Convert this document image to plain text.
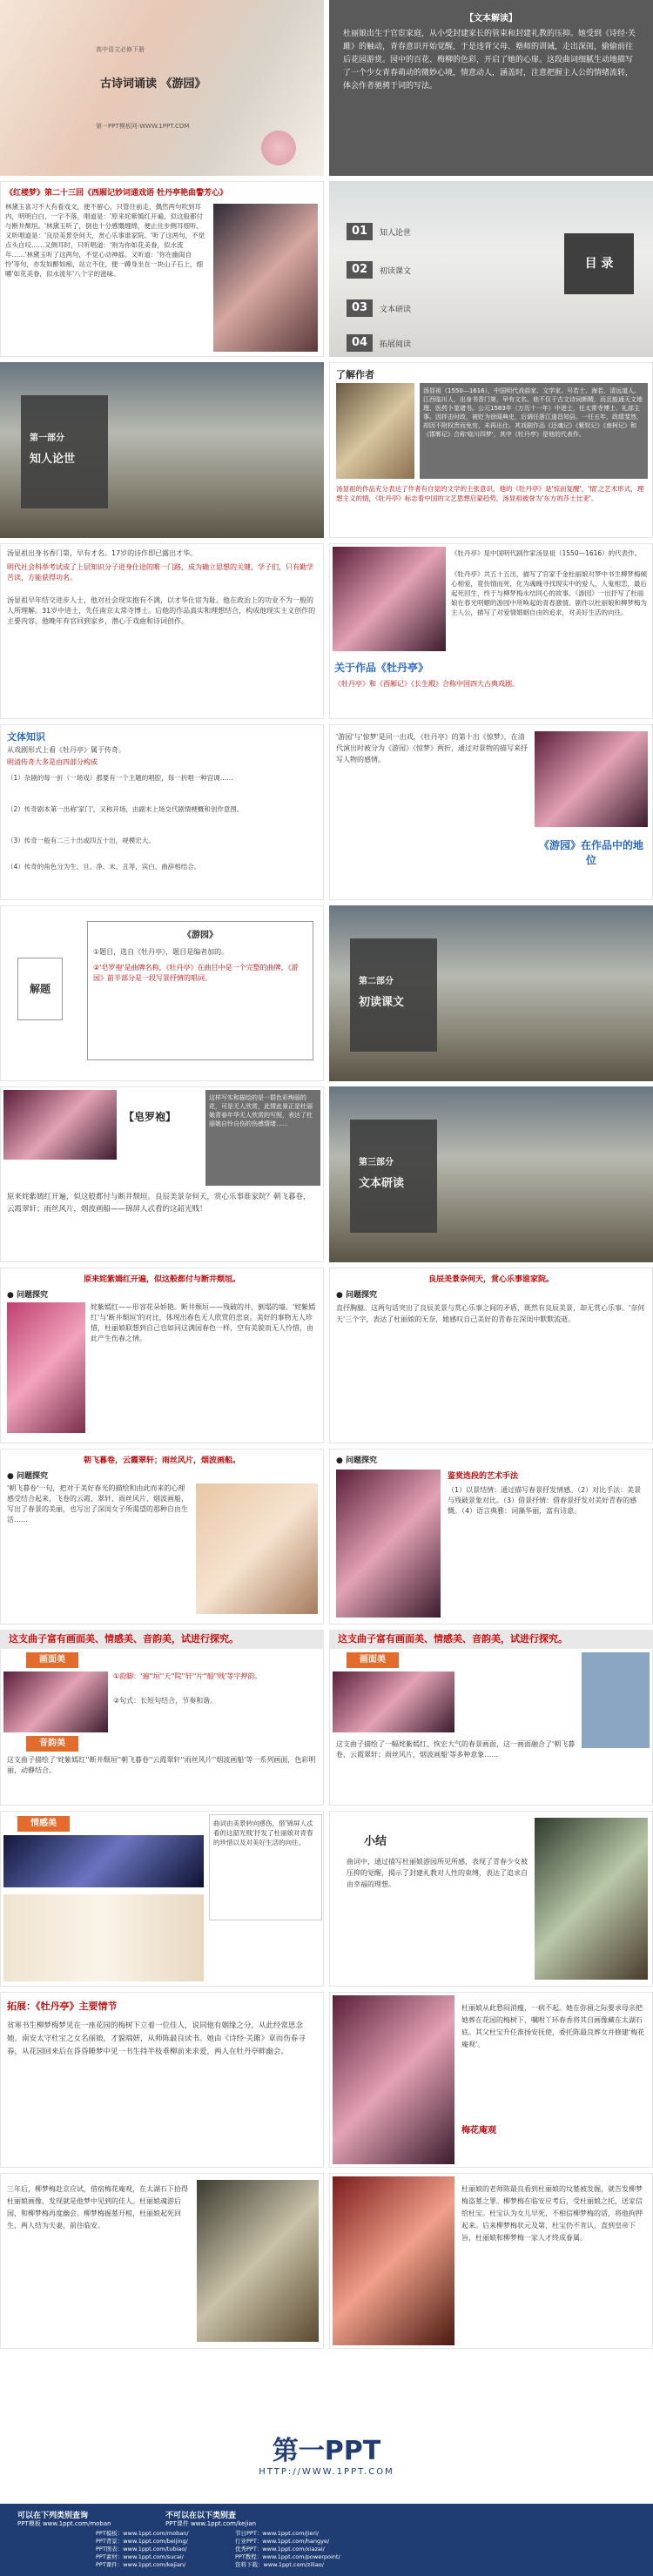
高中语文必修下册
古诗词诵读 《游园》
第一PPT模板网-WWW.1PPT.COM
【文本解读】
杜丽娘出生于官宦家庭，从小受封建家长的管束和封建礼教的压抑。她受到《诗经·关雎》的触动，青春意识开始觉醒，于是违背父母、塾师的训诫，走出深闺，偷偷前往后花园游赏。园中的百花、梅柳的色彩，开启了她的心扉。这段曲词细腻生动地描写了一个少女青春萌动的微妙心境，情意动人，涵盖时，注意把握主人公的情绪流转，体会作者驰骋于词的写法。
《红楼梦》第二十三回《西厢记妙词通戏语 牡丹亭艳曲警芳心》
林黛玉喜习不大有看戏文，便不留心，只管往前走，偶然两句吹到耳内，明明白白，一字不落，唱道是：'原来姹紫嫣红开遍，似这般都付与断井颓垣。'林黛玉听了，倒也十分感慨缠绵，便止住步侧耳细听，又听唱道是：'良辰美景奈何天，赏心乐事谁家院。'听了这两句，不觉点头自叹……又侧耳时，只听唱道：'则为你如花美眷，似水流年……'林黛玉听了这两句，不觉心动神摇。又听道：'你在幽闺自怜'等句，亦发如醉如痴，站立不住，便一蹲身坐在一块山子石上，细嚼'如花美眷，似水流年'八个字的滋味。
01	知人论世
02	初读课文
03	文本研读
04	拓展阅读
目 录
第一部分
知人论世
了解作者
汤显祖（1550—1616），中国明代戏曲家、文学家。号若士、海若、清远道人。江西临川人，出身书香门第，早有文名。他不仅于古文诗词颇精，而且能通天文地理、医药卜筮诸书。公元1583年（万历十一年）中进士，任太常寺博士、礼部主事。因抨击时政，被贬为徐闻典史，后调任浙江遂昌知县。一任五年，政绩斐然，却因不附权贵而免官，未再出仕。其戏剧作品《还魂记》《紫钗记》《南柯记》和《邯郸记》合称'临川四梦'，其中《牡丹亭》是他的代表作。
汤显祖的作品充分表达了作者有自觉的文学的主张意识，他的《牡丹亭》是'惊而复醒'，'情'之艺术形式，理想主义的情，《牡丹亭》标志着中国的文艺思想启蒙趋势，汤显祖被誉为'东方的莎士比亚'。
汤显祖出身书香门第，早有才名。17岁的诗作即已露出才华。
明代社会科举考试成了上层知识分子进身仕途的唯一门路，成为确立思想的关键，学子们，只有勤学苦读，方能获得功名。
汤显祖早年结交进步人士，他对社会现实抱有不满，以才华仕宦为耻。他在政治上的功业不为一般的人所理解。31岁中进士，先任南京太常寺博士。后他的作品真实和理想结合，构成他现实主义创作的主要内容。他晚年弃官回到家乡，潜心于戏曲和诗词创作。
《牡丹亭》是中国明代剧作家汤显祖（1550—1616）的代表作。
《牡丹亭》共五十五出，描写了官家千金杜丽娘对梦中书生柳梦梅倾心相爱，竟伤情而死，化为魂魄寻找现实中的爱人，人鬼相恋，最后起死回生，终于与柳梦梅永结同心的故事。《游园》一出抒写了杜丽娘在春光明媚的游园中所唤起的青春激情。剧作以杜丽娘和柳梦梅为主人公，描写了对爱情婚姻自由的追求，对美好生活的向往。
关于作品《牡丹亭》
《牡丹亭》和《西厢记》《长生殿》合称中国四大古典戏剧。
文体知识
从戏剧形式上看《牡丹亭》属于传奇。
明清传奇大多是由四部分构成
（1）杂剧的每一折（一场戏）都要有一个主题的唱腔，每一折唱一种宫调……
（2）传奇剧本第一出称'家门'，又称开场，由副末上场交代剧情梗概和创作意图。
（3）传奇一般有二三十出或四五十出，规模宏大。
（4）传奇的角色分为生、旦、净、末、丑等，宾白、曲辞相结合。
'游园'与'惊梦'是同一出戏，《牡丹亭》的第十出《惊梦》，在清代演出时被分为《游园》《惊梦》两折，通过对景物的描写来抒写人物的感情。
《游园》在作品中的地位
解题
《游园》
①题目，选自《牡丹亭》，题目是编者加的。
②'皂罗袍'是曲牌名称，《牡丹亭》在曲目中是一个完整的曲牌，《游园》前半部分是一段写景抒情的唱词。	第二部分
初读课文
【皂罗袍】
这样写实和描绘的是一群色彩绚丽的花，可是无人欣赏，此情此景正是杜丽娘青春年华无人欣赏的写照，表达了杜丽娘自怜自伤的伤感情绪……
原来姹紫嫣红开遍，似这般都付与断井颓垣。良辰美景奈何天，赏心乐事谁家院？朝飞暮卷，云霞翠轩；雨丝风片，烟波画船——锦屏人忒看的这韶光贱！
第三部分
文本研读
原来姹紫嫣红开遍，似这般都付与断井颓垣。
● 问题探究
姹紫嫣红——形容花朵娇艳。断井颓垣——残破的井，倒塌的墙。'姹紫嫣红'与'断井颓垣'的对比，体现出春色无人欣赏的悲哀。美好的事物无人珍惜，杜丽娘联想到自己也如同这满园春色一样，空有美貌而无人怜惜，由此产生伤春之情。
良辰美景奈何天，赏心乐事谁家院。
● 问题探究
直抒胸臆。这两句话突出了良辰美景与赏心乐事之间的矛盾，既然有良辰美景，却无赏心乐事。'奈何天'三个字，表达了杜丽娘的无奈，她感叹自己美好的青春在深闺中默默流逝。
朝飞暮卷，云霞翠轩；雨丝风片，烟波画船。
● 问题探究
'朝飞暮卷'一句，把对于美好春光的描绘和由此而来的心理感受结合起来，飞卷的云霞、翠轩、雨丝风片、烟波画船，写出了春景的美丽，也写出了深闺女子所渴望的那种自由生活……
● 问题探究
鉴赏选段的艺术手法
（1）以景结情：通过描写春景抒发情感。（2）对比手法：美景与残破景象对比。（3）借景抒情：借春景抒发对美好青春的感慨。（4）语言典雅：词藻华丽，富有诗意。
这支曲子富有画面美、情感美、音韵美，试进行探究。
画面美
①韵脚：'遍''垣''天''院''轩''片''船''贱'等字押韵。
②句式：长短句结合，节奏和谐。
音韵美
这支曲子描绘了'姹紫嫣红''断井颓垣''朝飞暮卷''云霞翠轩''雨丝风片''烟波画船'等一系列画面，色彩明丽，动静结合。
这支曲子富有画面美、情感美、音韵美，试进行探究。
画面美
这支曲子描绘了一幅姹紫嫣红、恢宏大气的春景画面，这一画面融合了'朝飞暮卷，云霞翠轩；雨丝风片，烟波画船'等多种意象……
情感美	曲词由美景转向感伤，借'锦屏人忒看的这韶光贱'抒发了杜丽娘对青春的珍惜以及对美好生活的向往。	小结
曲词中，通过描写杜丽娘游园所见所感，表现了青春少女被压抑的觉醒，揭示了封建礼教对人性的束缚，表达了追求自由幸福的理想。
拓展：《牡丹亭》主要情节
贫寒书生柳梦梅梦见在一座花园的梅树下立着一位佳人，说同他有姻缘之分，从此经常思念她。南安太守杜宝之女名丽娘，才貌端妍，从师陈最良读书。她由《诗经·关雎》章而伤春寻春，从花园回来后在昏昏睡梦中见一书生持半枝垂柳前来求爱，两人在牡丹亭畔幽会。
杜丽娘从此愁闷消瘦，一病不起。她在弥留之际要求母亲把她葬在花园的梅树下，嘱咐丫环春香将其自画像藏在太湖石底。其父杜宝升任淮扬安抚使，委托陈最良葬女并修建'梅花庵观'。
梅花庵观
三年后，柳梦梅赴京应试，借宿梅花庵观，在太湖石下拾得杜丽娘画像，发现就是他梦中见到的佳人。杜丽娘魂游后园，和柳梦梅再度幽会。柳梦梅掘墓开棺，杜丽娘起死回生，两人结为夫妻，前往临安。
杜丽娘的老师陈最良看到杜丽娘的坟墓被发掘，就告发柳梦梅盗墓之罪。柳梦梅在临安应考后，受杜丽娘之托，送家信给杜宝。杜宝认为女儿早死，不相信柳梦梅的话，将他拘押起来。后来柳梦梅状元及第，杜宝仍不肯认，直到皇帝下旨，杜丽娘和柳梦梅一家人才终成眷属。
第一PPT
HTTP://WWW.1PPT.COM
可以在下列类别查询
PPT模板 www.1ppt.com/moban
不可以在以下类别查
PPT课件 www.1ppt.com/kejian
PPT模板：www.1ppt.com/moban/
PPT背景：www.1ppt.com/beijing/
PPT图表：www.1ppt.com/tubiao/
PPT素材：www.1ppt.com/sucai/
PPT课件：www.1ppt.com/kejian/
节日PPT：www.1ppt.com/jieri/
行业PPT：www.1ppt.com/hangye/
优秀PPT：www.1ppt.com/xiazai/
PPT教程：www.1ppt.com/powerpoint/
资料下载：www.1ppt.com/ziliao/
